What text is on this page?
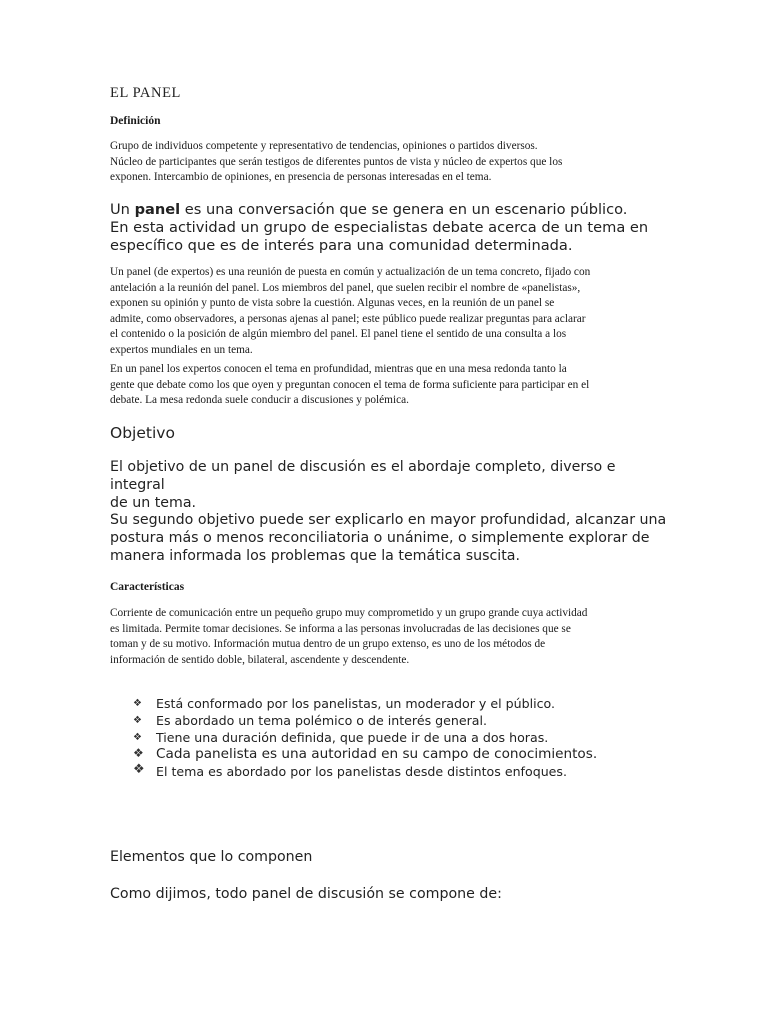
EL PANEL
Definición

Grupo de individuos competente y representativo de tendencias, opiniones o partidos diversos.

Núcleo de participantes que serán testigos de diferentes puntos de vista y núcleo de expertos que los

exponen. Intercambio de opiniones, en presencia de personas interesadas en el tema.

Un panel es una conversación que se genera en un escenario público.

En esta actividad un grupo de especialistas debate acerca de un tema en

específico que es de interés para una comunidad determinada.

Un panel (de expertos) es una reunión de puesta en común y actualización de un tema concreto, fijado con

antelación a la reunión del panel. Los miembros del panel, que suelen recibir el nombre de «panelistas»,

exponen su opinión y punto de vista sobre la cuestión. Algunas veces, en la reunión de un panel se

admite, como observadores, a personas ajenas al panel; este público puede realizar preguntas para aclarar

el contenido o la posición de algún miembro del panel. El panel tiene el sentido de una consulta a los

expertos mundiales en un tema.

En un panel los expertos conocen el tema en profundidad, mientras que en una mesa redonda tanto la

gente que debate como los que oyen y preguntan conocen el tema de forma suficiente para participar en el

debate. La mesa redonda suele conducir a discusiones y polémica.

Objetivo

El objetivo de un panel de discusión es el abordaje completo, diverso e integral

de un tema.

Su segundo objetivo puede ser explicarlo en mayor profundidad, alcanzar una

postura más o menos reconciliatoria o unánime, o simplemente explorar de

manera informada los problemas que la temática suscita.

Características

Corriente de comunicación entre un pequeño grupo muy comprometido y un grupo grande cuya actividad

es limitada. Permite tomar decisiones. Se informa a las personas involucradas de las decisiones que se

toman y de su motivo. Información mutua dentro de un grupo extenso, es uno de los métodos de

información de sentido doble, bilateral, ascendente y descendente.

❖ Está conformado por los panelistas, un moderador y el público.
❖ Es abordado un tema polémico o de interés general.
❖ Tiene una duración definida, que puede ir de una a dos horas.
❖ Cada panelista es una autoridad en su campo de conocimientos.
❖ El tema es abordado por los panelistas desde distintos enfoques.
Elementos que lo componen
Como dijimos, todo panel de discusión se compone de:
